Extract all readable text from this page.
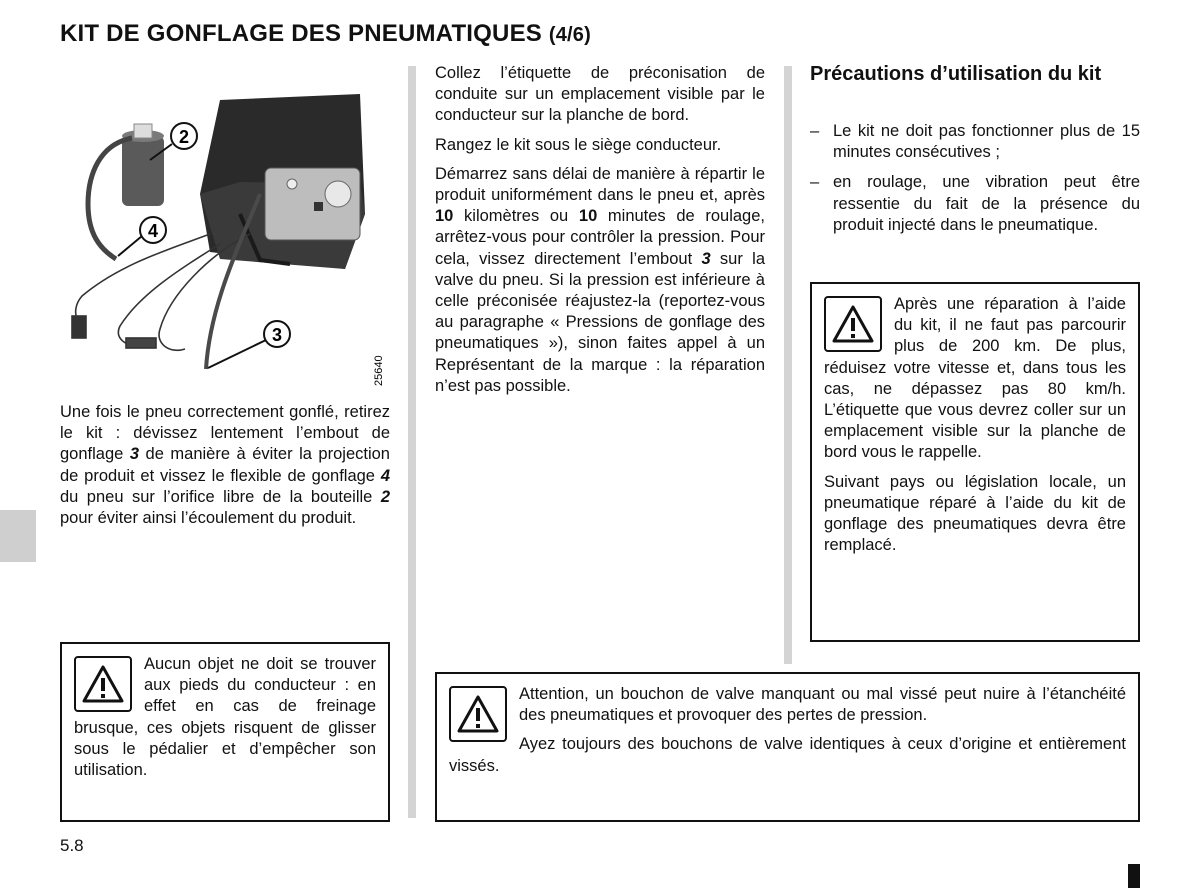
KIT DE GONFLAGE DES PNEUMATIQUES (4/6)
2
4
3
25640

Une fois le pneu correctement gonflé, retirez le kit : dévissez lentement l’embout de gonflage 3 de manière à éviter la projection de produit et vissez le flexible de gonflage 4 du pneu sur l’orifice libre de la bouteille 2 pour éviter ainsi l’écoulement du produit.

Aucun objet ne doit se trouver aux pieds du conducteur : en effet en cas de freinage brusque, ces objets risquent de glisser sous le pédalier et d’empêcher son utilisation.

Collez l’étiquette de préconisation de conduite sur un emplacement visible par le conducteur sur la planche de bord.

Rangez le kit sous le siège conducteur.

Démarrez sans délai de manière à répartir le produit uniformément dans le pneu et, après 10 kilomètres ou 10 minutes de roulage, arrêtez-vous pour contrôler la pression. Pour cela, vissez directement l’embout 3 sur la valve du pneu. Si la pression est inférieure à celle préconisée réajustez-la (reportez-vous au paragraphe « Pressions de gonflage des pneumatiques »), sinon faites appel à un Représentant de la marque : la réparation n’est pas possible.

Précautions d’utilisation du kit
– Le kit ne doit pas fonctionner plus de 15 minutes consécutives ;
– en roulage, une vibration peut être ressentie du fait de la présence du produit injecté dans le pneumatique.

Après une réparation à l’aide du kit, il ne faut pas parcourir plus de 200 km. De plus, réduisez votre vitesse et, dans tous les cas, ne dépassez pas 80 km/h. L’étiquette que vous devrez coller sur un emplacement visible sur la planche de bord vous le rappelle.

Suivant pays ou législation locale, un pneumatique réparé à l’aide du kit de gonflage des pneumatiques devra être remplacé.

Attention, un bouchon de valve manquant ou mal vissé peut nuire à l’étanchéité des pneumatiques et provoquer des pertes de pression.

Ayez toujours des bouchons de valve identiques à ceux d’origine et entièrement vissés.

5.8
